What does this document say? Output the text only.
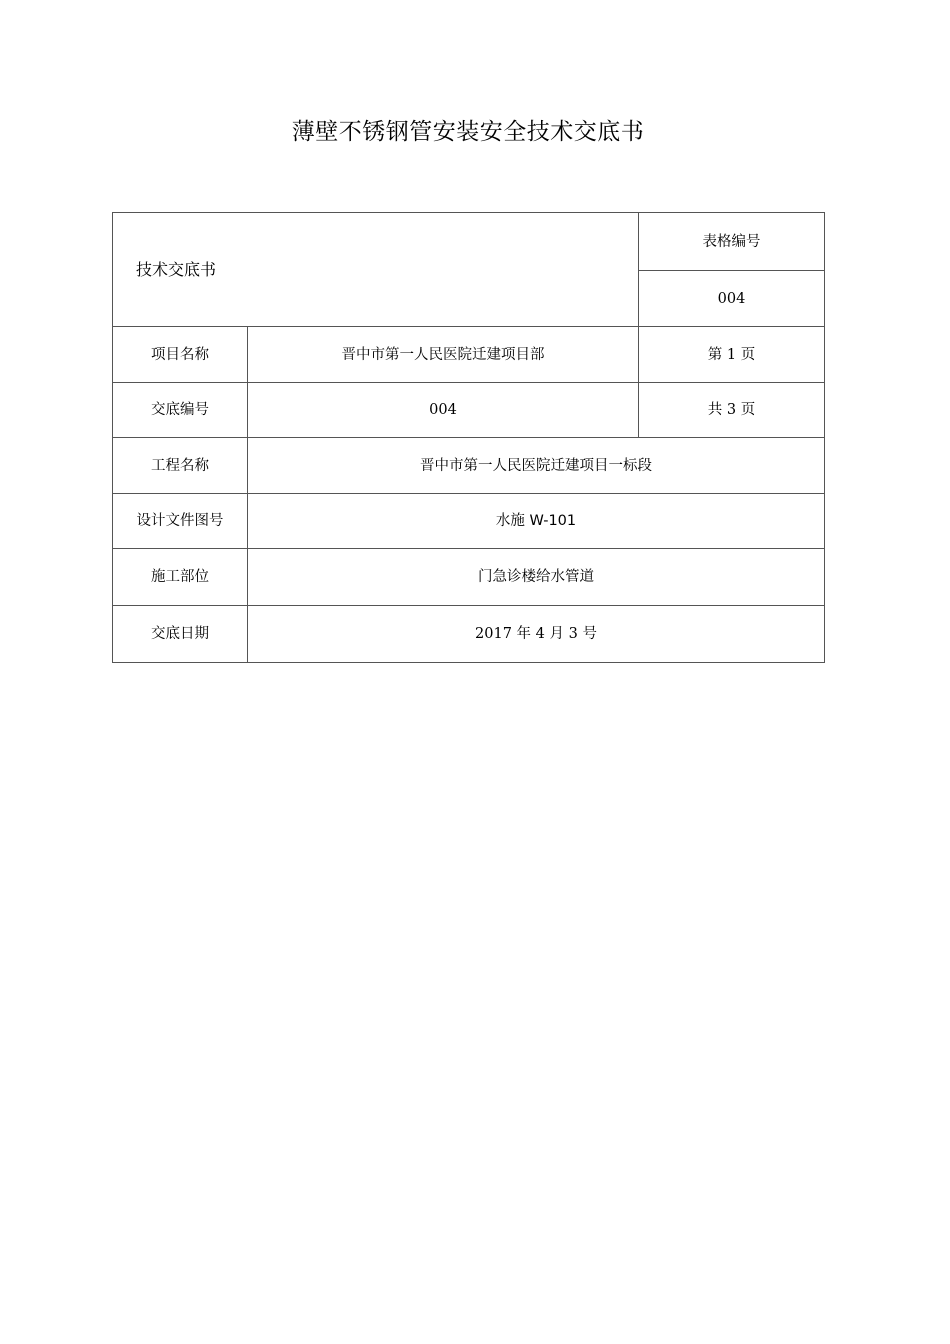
薄壁不锈钢管安装安全技术交底书
技术交底书		表格编号
		004
项目名称	晋中市第一人民医院迁建项目部	第 1 页
交底编号	004	共 3 页
工程名称	晋中市第一人民医院迁建项目一标段	
设计文件图号	水施 W-101	
施工部位	门急诊楼给水管道	
交底日期	2017 年 4 月 3 号	
